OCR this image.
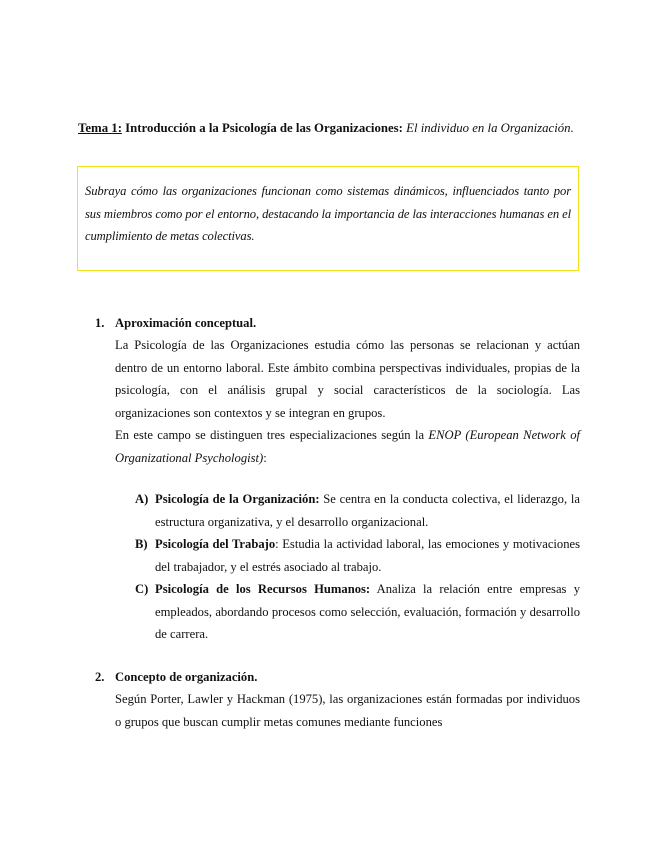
Tema 1: Introducción a la Psicología de las Organizaciones: El individuo en la Organización.

Subraya cómo las organizaciones funcionan como sistemas dinámicos, influenciados tanto por sus miembros como por el entorno, destacando la importancia de las interacciones humanas en el cumplimiento de metas colectivas.

1. Aproximación conceptual.

La Psicología de las Organizaciones estudia cómo las personas se relacionan y actúan dentro de un entorno laboral. Este ámbito combina perspectivas individuales, propias de la psicología, con el análisis grupal y social característicos de la sociología. Las organizaciones son contextos y se integran en grupos.

En este campo se distinguen tres especializaciones según la ENOP (European Network of Organizational Psychologist):

A) Psicología de la Organización: Se centra en la conducta colectiva, el liderazgo, la estructura organizativa, y el desarrollo organizacional.
B) Psicología del Trabajo: Estudia la actividad laboral, las emociones y motivaciones del trabajador, y el estrés asociado al trabajo.
C) Psicología de los Recursos Humanos: Analiza la relación entre empresas y empleados, abordando procesos como selección, evaluación, formación y desarrollo de carrera.
2. Concepto de organización.

Según Porter, Lawler y Hackman (1975), las organizaciones están formadas por individuos o grupos que buscan cumplir metas comunes mediante funciones
